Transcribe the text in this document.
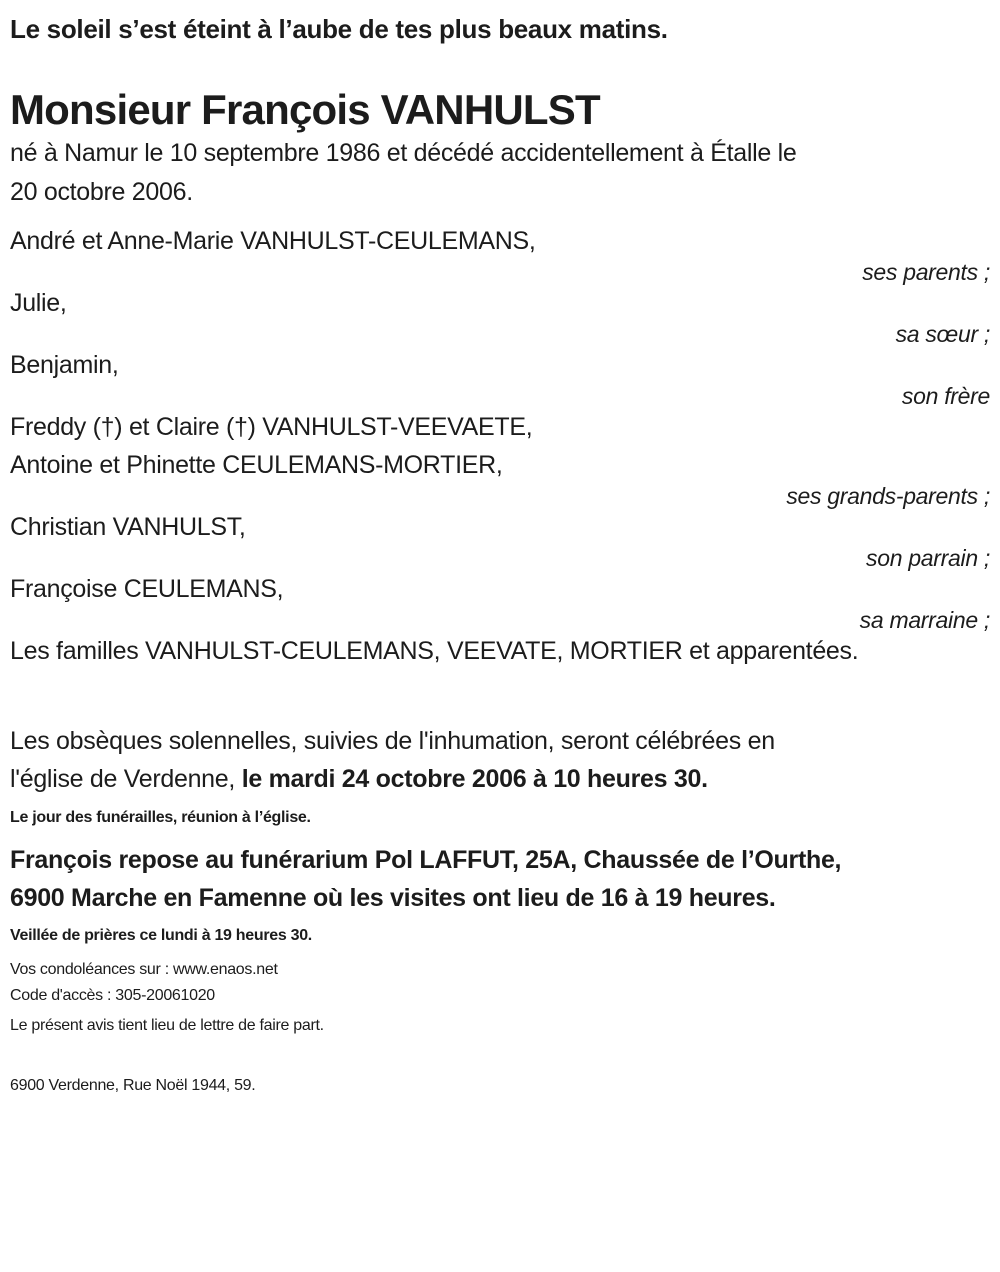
Le soleil s’est éteint à l’aube de tes plus beaux matins.
Monsieur François VANHULST
né à Namur le 10 septembre 1986 et décédé accidentellement à Étalle le
20 octobre 2006.
André et Anne-Marie VANHULST-CEULEMANS,
ses parents ;
Julie,
sa sœur ;
Benjamin,
son frère
Freddy (†) et Claire (†) VANHULST-VEEVAETE,
Antoine et Phinette CEULEMANS-MORTIER,
ses grands-parents ;
Christian VANHULST,
son parrain ;
Françoise CEULEMANS,
sa marraine ;
Les familles VANHULST-CEULEMANS, VEEVATE, MORTIER et apparentées.
Les obsèques solennelles, suivies de l'inhumation, seront célébrées en
l'église de Verdenne, le mardi 24 octobre 2006 à 10 heures 30.
Le jour des funérailles, réunion à l’église.
François repose au funérarium Pol LAFFUT, 25A, Chaussée de l’Ourthe,
6900 Marche en Famenne où les visites ont lieu de 16 à 19 heures.
Veillée de prières ce lundi à 19 heures 30.
Vos condoléances sur : www.enaos.net
Code d'accès : 305-20061020
Le présent avis tient lieu de lettre de faire part.
6900 Verdenne, Rue Noël 1944, 59.
